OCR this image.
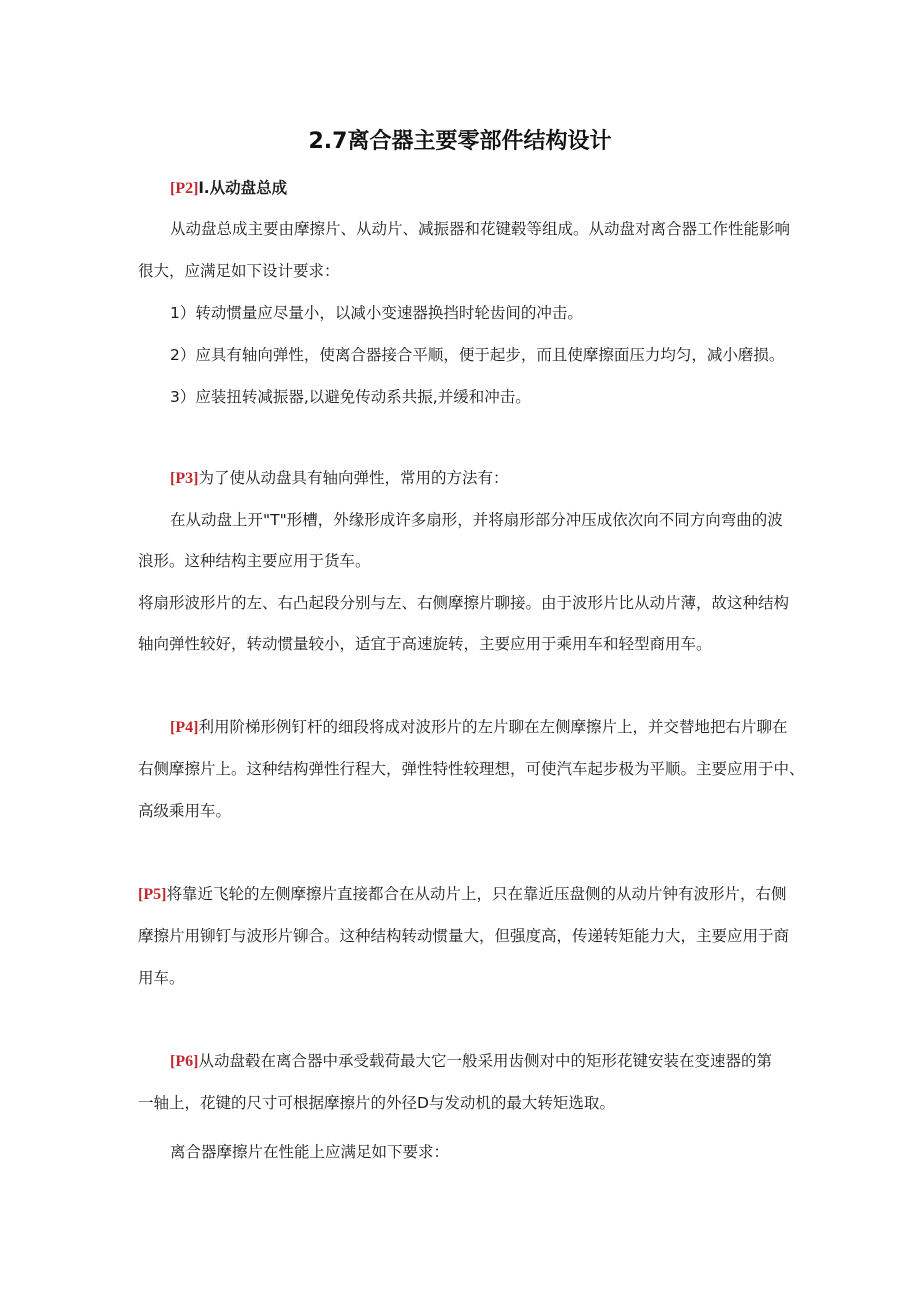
2.7离合器主要零部件结构设计
[P2]l.从动盘总成
从动盘总成主要由摩擦片、从动片、减振器和花键毂等组成。从动盘对离合器工作性能影响
很大，应满足如下设计要求：
1）转动惯量应尽量小，以减小变速器换挡时轮齿间的冲击。
2）应具有轴向弹性，使离合器接合平顺，便于起步，而且使摩擦面压力均匀，减小磨损。
3）应装扭转减振器,以避免传动系共振,并缓和冲击。
[P3]为了使从动盘具有轴向弹性，常用的方法有：
在从动盘上开"T"形槽，外缘形成许多扇形，并将扇形部分冲压成依次向不同方向弯曲的波
浪形。这种结构主要应用于货车。
将扇形波形片的左、右凸起段分别与左、右侧摩擦片聊接。由于波形片比从动片薄，故这种结构
轴向弹性较好，转动惯量较小，适宜于高速旋转，主要应用于乘用车和轻型商用车。
[P4]利用阶梯形例钉杆的细段将成对波形片的左片聊在左侧摩擦片上，并交替地把右片聊在
右侧摩擦片上。这种结构弹性行程大，弹性特性较理想，可使汽车起步极为平顺。主要应用于中、
高级乘用车。
[P5]将靠近飞轮的左侧摩擦片直接都合在从动片上，只在靠近压盘侧的从动片钟有波形片，右侧
摩擦片用铆钉与波形片铆合。这种结构转动惯量大，但强度高，传递转矩能力大，主要应用于商
用车。
[P6]从动盘毂在离合器中承受载荷最大它一般采用齿侧对中的矩形花键安装在变速器的第
一轴上，花键的尺寸可根据摩擦片的外径D与发动机的最大转矩选取。
离合器摩擦片在性能上应满足如下要求：
